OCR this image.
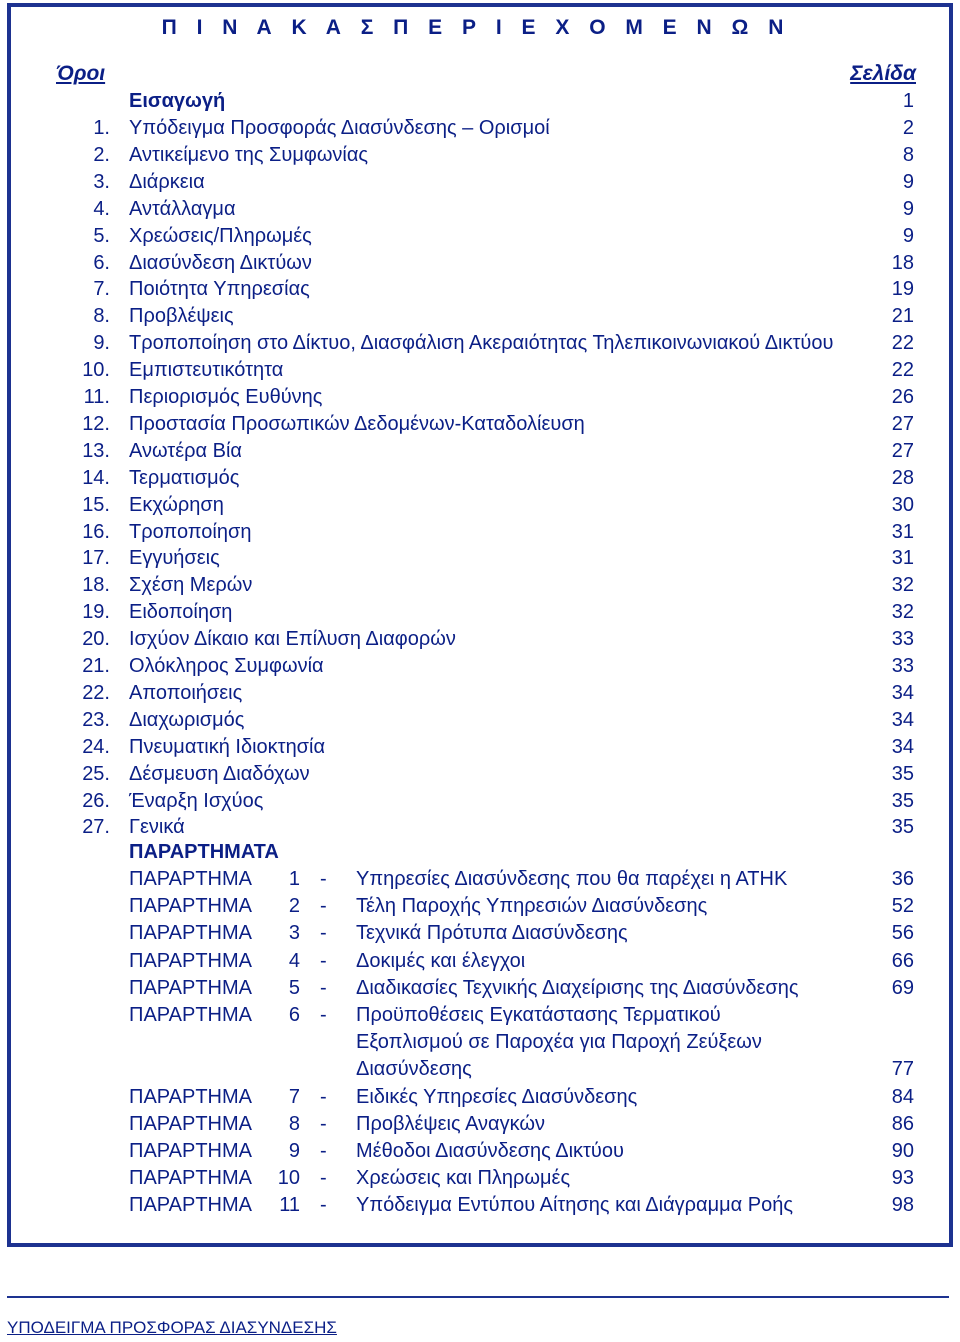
Π Ι Ν Α Κ Α Σ Π Ε Ρ Ι Ε Χ Ο Μ Ε Ν Ω Ν
Όροι	Σελίδα
Εισαγωγή	1
1. Υπόδειγμα Προσφοράς Διασύνδεσης – Ορισμοί	2
2. Αντικείμενο της Συμφωνίας	8
3. Διάρκεια	9
4. Αντάλλαγμα	9
5. Χρεώσεις/Πληρωμές	9
6. Διασύνδεση Δικτύων	18
7. Ποιότητα Υπηρεσίας	19
8. Προβλέψεις	21
9. Τροποποίηση στο Δίκτυο, Διασφάλιση Ακεραιότητας Τηλεπικοινωνιακού Δικτύου	22
10. Εμπιστευτικότητα	22
11. Περιορισμός Ευθύνης	26
12. Προστασία Προσωπικών Δεδομένων-Καταδολίευση	27
13. Ανωτέρα Βία	27
14. Τερματισμός	28
15. Εκχώρηση	30
16. Τροποποίηση	31
17. Εγγυήσεις	31
18. Σχέση Μερών	32
19. Ειδοποίηση	32
20. Ισχύον Δίκαιο και Επίλυση Διαφορών	33
21. Ολόκληρος Συμφωνία	33
22. Αποποιήσεις	34
23. Διαχωρισμός	34
24. Πνευματική Ιδιοκτησία	34
25. Δέσμευση Διαδόχων	35
26. Έναρξη Ισχύος	35
27. Γενικά	35
ΠΑΡΑΡΤΗΜΑΤΑ
ΠΑΡΑΡΤΗΜΑ	1 - Υπηρεσίες Διασύνδεσης που θα παρέχει η ΑΤΗΚ	36
ΠΑΡΑΡΤΗΜΑ	2 - Τέλη Παροχής Υπηρεσιών Διασύνδεσης	52
ΠΑΡΑΡΤΗΜΑ	3 - Τεχνικά Πρότυπα Διασύνδεσης	56
ΠΑΡΑΡΤΗΜΑ	4 - Δοκιμές και έλεγχοι	66
ΠΑΡΑΡΤΗΜΑ	5 - Διαδικασίες Τεχνικής Διαχείρισης της Διασύνδεσης	69
ΠΑΡΑΡΤΗΜΑ	6 - Προϋποθέσεις Εγκατάστασης Τερματικού
Εξοπλισμού σε Παροχέα για Παροχή Ζεύξεων
Διασύνδεσης	77
ΠΑΡΑΡΤΗΜΑ	7 - Ειδικές Υπηρεσίες Διασύνδεσης	84
ΠΑΡΑΡΤΗΜΑ	8 - Προβλέψεις Αναγκών	86
ΠΑΡΑΡΤΗΜΑ	9 - Μέθοδοι Διασύνδεσης Δικτύου	90
ΠΑΡΑΡΤΗΜΑ	10 - Χρεώσεις και Πληρωμές	93
ΠΑΡΑΡΤΗΜΑ	11 - Υπόδειγμα Εντύπου Αίτησης και Διάγραμμα Ροής	98
ΥΠΟΔΕΙΓΜΑ ΠΡΟΣΦΟΡΑΣ ΔΙΑΣΥΝΔΕΣΗΣ
